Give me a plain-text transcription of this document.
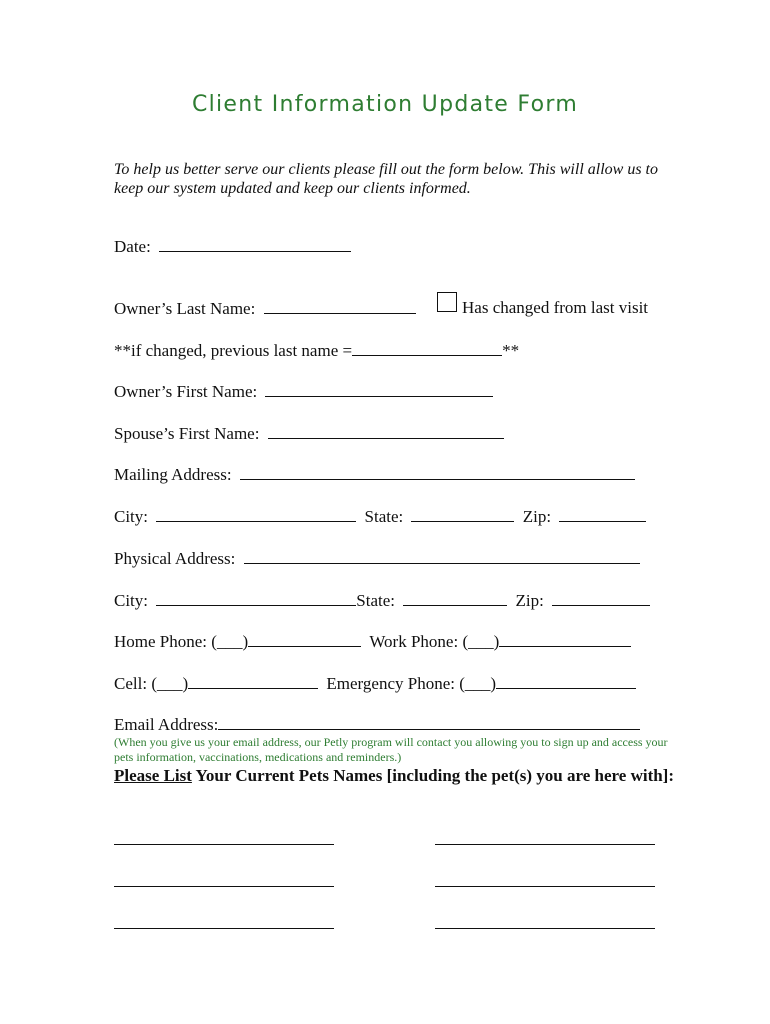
Client Information Update Form
To help us better serve our clients please fill out the form below. This will allow us to keep our system updated and keep our clients informed.
Date:
Owner’s Last Name:	Has changed from last visit
**if changed, previous last name =	**
Owner’s First Name:
Spouse’s First Name:
Mailing Address:
City:	State:	Zip:
Physical Address:
City:	State:	Zip:
Home Phone: (___)	Work Phone: (___)
Cell: (___)	Emergency Phone: (___)
Email Address:
(When you give us your email address, our Petly program will contact you allowing you to sign up and access your pets information, vaccinations, medications and reminders.)
Please List Your Current Pets Names [including the pet(s) you are here with]:
